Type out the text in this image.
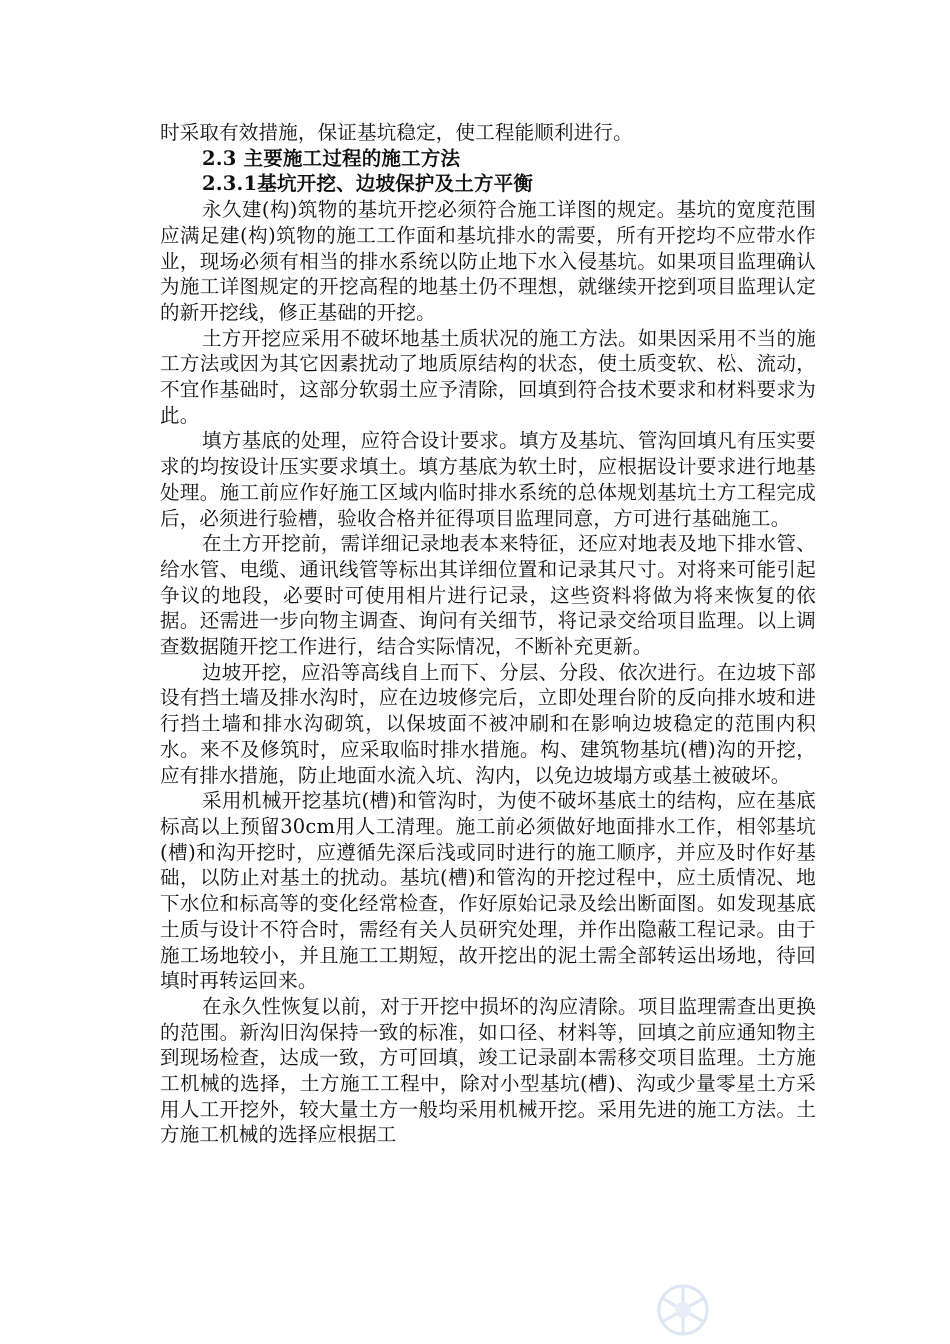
时采取有效措施，保证基坑稳定，使工程能顺利进行。

2.3 主要施工过程的施工方法

2.3.1基坑开挖、边坡保护及土方平衡

永久建(构)筑物的基坑开挖必须符合施工详图的规定。基坑的宽度范围应满足建(构)筑物的施工工作面和基坑排水的需要，所有开挖均不应带水作业，现场必须有相当的排水系统以防止地下水入侵基坑。如果项目监理确认为施工详图规定的开挖高程的地基土仍不理想，就继续开挖到项目监理认定的新开挖线，修正基础的开挖。

土方开挖应采用不破坏地基土质状况的施工方法。如果因采用不当的施工方法或因为其它因素扰动了地质原结构的状态，使土质变软、松、流动，不宜作基础时，这部分软弱土应予清除，回填到符合技术要求和材料要求为此。

填方基底的处理，应符合设计要求。填方及基坑、管沟回填凡有压实要求的均按设计压实要求填土。填方基底为软土时，应根据设计要求进行地基处理。施工前应作好施工区域内临时排水系统的总体规划基坑土方工程完成后，必须进行验槽，验收合格并征得项目监理同意，方可进行基础施工。

在土方开挖前，需详细记录地表本来特征，还应对地表及地下排水管、给水管、电缆、通讯线管等标出其详细位置和记录其尺寸。对将来可能引起争议的地段，必要时可使用相片进行记录，这些资料将做为将来恢复的依据。还需进一步向物主调查、询问有关细节，将记录交给项目监理。以上调查数据随开挖工作进行，结合实际情况，不断补充更新。

边坡开挖，应沿等高线自上而下、分层、分段、依次进行。在边坡下部设有挡土墙及排水沟时，应在边坡修完后，立即处理台阶的反向排水坡和进行挡土墙和排水沟砌筑，以保坡面不被冲刷和在影响边坡稳定的范围内积水。来不及修筑时，应采取临时排水措施。构、建筑物基坑(槽)沟的开挖，应有排水措施，防止地面水流入坑、沟内，以免边坡塌方或基土被破坏。

采用机械开挖基坑(槽)和管沟时，为使不破坏基底土的结构，应在基底标高以上预留30cm用人工清理。施工前必须做好地面排水工作，相邻基坑(槽)和沟开挖时，应遵循先深后浅或同时进行的施工顺序，并应及时作好基础，以防止对基土的扰动。基坑(槽)和管沟的开挖过程中，应土质情况、地下水位和标高等的变化经常检查，作好原始记录及绘出断面图。如发现基底土质与设计不符合时，需经有关人员研究处理，并作出隐蔽工程记录。由于施工场地较小，并且施工工期短，故开挖出的泥土需全部转运出场地，待回填时再转运回来。

在永久性恢复以前，对于开挖中损坏的沟应清除。项目监理需查出更换的范围。新沟旧沟保持一致的标准，如口径、材料等，回填之前应通知物主到现场检查，达成一致，方可回填，竣工记录副本需移交项目监理。土方施工机械的选择，土方施工工程中，除对小型基坑(槽)、沟或少量零星土方采用人工开挖外，较大量土方一般均采用机械开挖。采用先进的施工方法。土方施工机械的选择应根据工
